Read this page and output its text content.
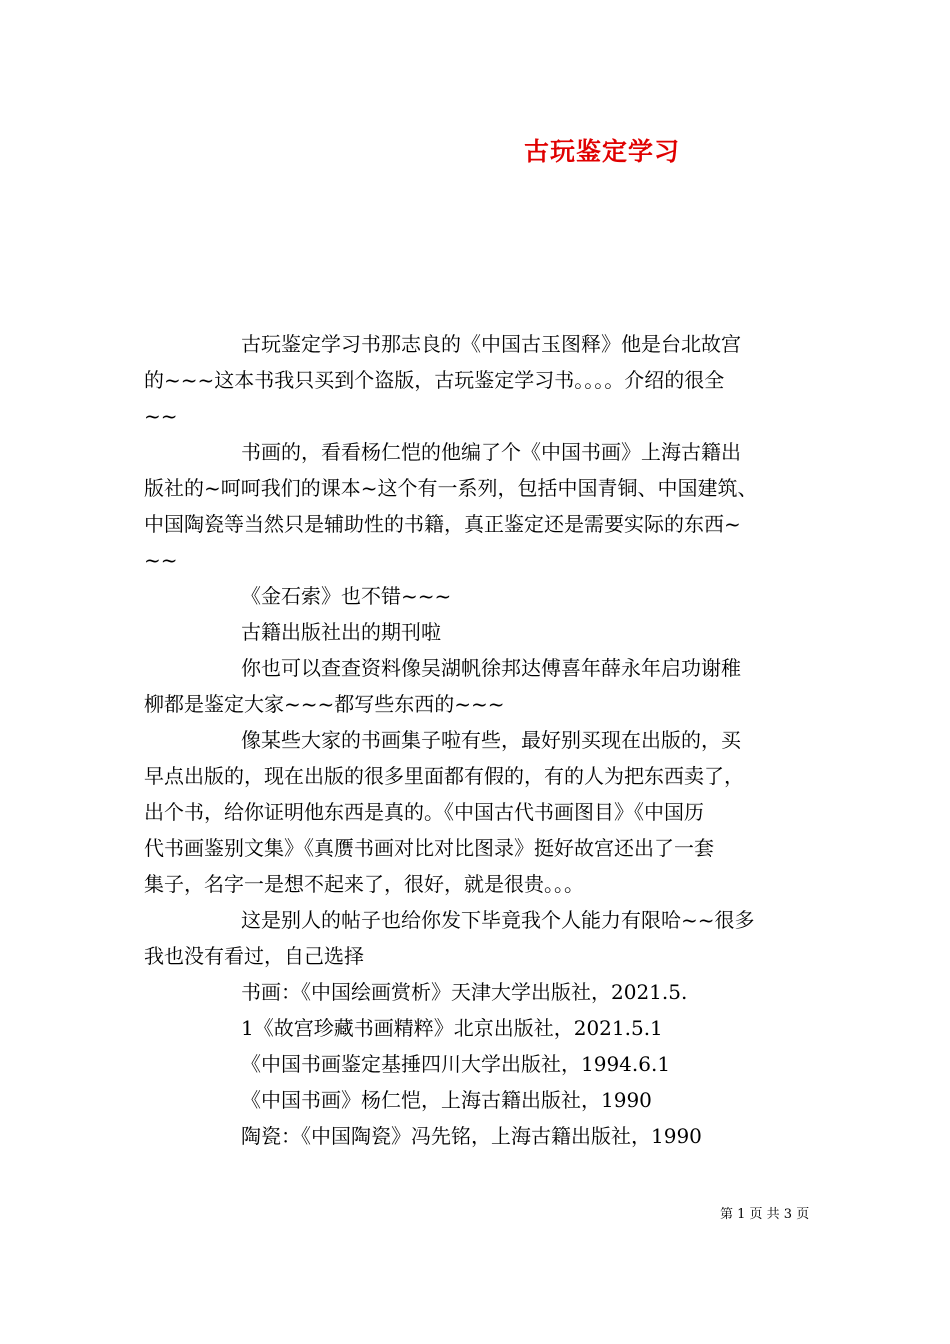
古玩鉴定学习
古玩鉴定学习书那志良的《中国古玉图释》他是台北故宫
的~~~这本书我只买到个盗版，古玩鉴定学习书。。。。介绍的很全
~~
书画的，看看杨仁恺的他编了个《中国书画》上海古籍出
版社的~呵呵我们的课本~这个有一系列，包括中国青铜、中国建筑、
中国陶瓷等当然只是辅助性的书籍，真正鉴定还是需要实际的东西~
~~
《金石索》也不错~~~
古籍出版社出的期刊啦
你也可以查查资料像吴湖帆徐邦达傅喜年薛永年启功谢稚
柳都是鉴定大家~~~都写些东西的~~~
像某些大家的书画集子啦有些，最好别买现在出版的，买
早点出版的，现在出版的很多里面都有假的，有的人为把东西卖了，
出个书，给你证明他东西是真的。《中国古代书画图目》《中国历
代书画鉴别文集》《真赝书画对比对比图录》挺好故宫还出了一套
集子，名字一是想不起来了，很好，就是很贵。。。
这是别人的帖子也给你发下毕竟我个人能力有限哈~~很多
我也没有看过，自己选择
书画：《中国绘画赏析》天津大学出版社，2021.5.
1《故宫珍藏书画精粹》北京出版社，2021.5.1
《中国书画鉴定基捶四川大学出版社，1994.6.1
《中国书画》杨仁恺，上海古籍出版社，1990
陶瓷：《中国陶瓷》冯先铭，上海古籍出版社，1990
第 1 页 共 3 页
